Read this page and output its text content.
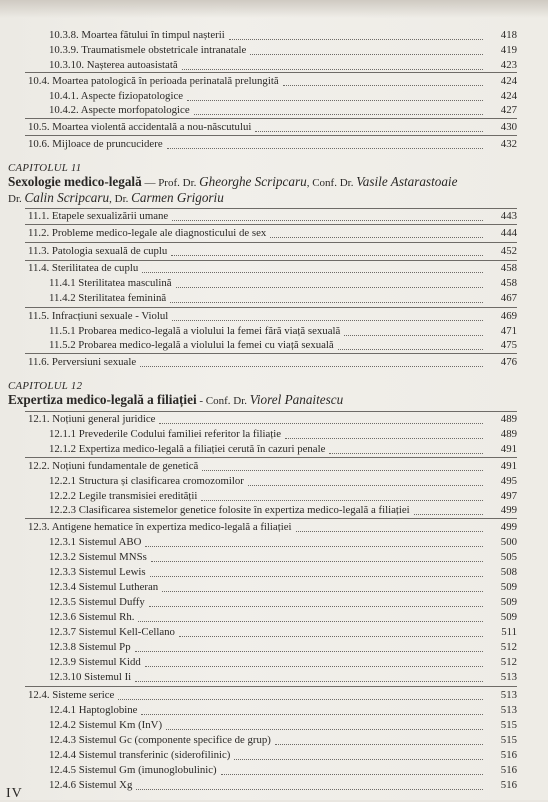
10.3.8. Moartea fătului în timpul nașterii	418
10.3.9. Traumatismele obstetricale intranatale	419
10.3.10. Nașterea autoasistată	423
10.4. Moartea patologică în perioada perinatală prelungită	424
10.4.1. Aspecte fiziopatologice	424
10.4.2. Aspecte morfopatologice	427
10.5. Moartea violentă accidentală a nou-născutului	430
10.6. Mijloace de pruncucidere	432
CAPITOLUL 11
Sexologie medico-legală — Prof. Dr. Gheorghe Scripcaru, Conf. Dr. Vasile Astarastoaie
Dr. Calin Scripcaru, Dr. Carmen Grigoriu
11.1. Etapele sexualizării umane	443
11.2. Probleme medico-legale ale diagnosticului de sex	444
11.3. Patologia sexuală de cuplu	452
11.4. Sterilitatea de cuplu	458
11.4.1 Sterilitatea masculină	458
11.4.2 Sterilitatea feminină	467
11.5. Infracțiuni sexuale - Violul	469
11.5.1 Probarea medico-legală a violului la femei fără viață sexuală	471
11.5.2 Probarea medico-legală a violului la femei cu viață sexuală	475
11.6. Perversiuni sexuale	476
CAPITOLUL 12
Expertiza medico-legală a filiației - Conf. Dr. Viorel Panaitescu
12.1. Noțiuni general juridice	489
12.1.1 Prevederile Codului familiei referitor la filiație	489
12.1.2 Expertiza medico-legală a filiației cerută în cazuri penale	491
12.2. Noțiuni fundamentale de genetică	491
12.2.1 Structura și clasificarea cromozomilor	495
12.2.2 Legile transmisiei eredității	497
12.2.3 Clasificarea sistemelor genetice folosite în expertiza medico-legală a filiației	499
12.3. Antigene hematice în expertiza medico-legală a filiației	499
12.3.1 Sistemul ABO	500
12.3.2 Sistemul MNSs	505
12.3.3 Sistemul Lewis	508
12.3.4 Sistemul Lutheran	509
12.3.5 Sistemul Duffy	509
12.3.6 Sistemul Rh.	509
12.3.7 Sistemul Kell-Cellano	511
12.3.8 Sistemul Pp	512
12.3.9 Sistemul Kidd	512
12.3.10 Sistemul Ii	513
12.4. Sisteme serice	513
12.4.1 Haptoglobine	513
12.4.2 Sistemul Km (InV)	515
12.4.3 Sistemul Gc (componente specifice de grup)	515
12.4.4 Sistemul transferinic (siderofilinic)	516
12.4.5 Sistemul Gm (imunoglobulinic)	516
12.4.6 Sistemul Xg	516
IV
